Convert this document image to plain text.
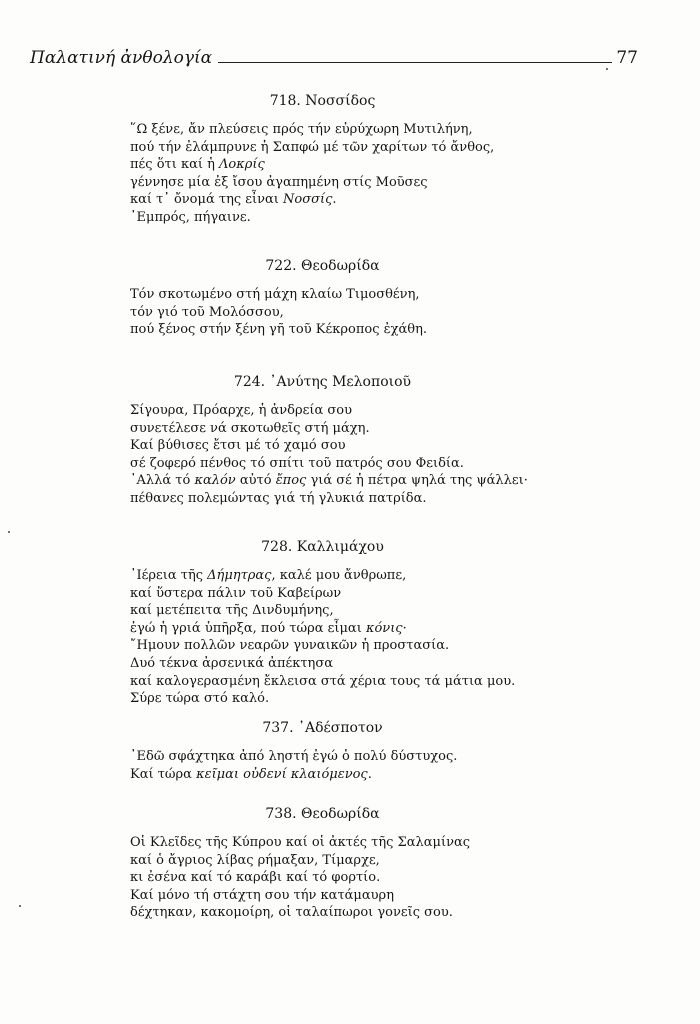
Παλατινή ἀνθολογία	77
718. Νοσσίδος
῞Ω ξένε, ἄν πλεύσεις πρός τήν εὐρύχωρη Μυτιλήνη,
πού τήν ἐλάμπρυνε ἡ Σαπφώ μέ τῶν χαρίτων τό ἄνθος,
πές ὅτι καί ἡ Λοκρίς
γέννησε μία ἐξ ἴσου ἀγαπημένη στίς Μοῦσες
καί τ᾿ ὄνομά της εἶναι Νοσσίς.
᾿Εμπρός, πήγαινε.
722. Θεοδωρίδα
Τόν σκοτωμένο στή μάχη κλαίω Τιμοσθένη,
τόν γιό τοῦ Μολόσσου,
πού ξένος στήν ξένη γῆ τοῦ Κέκροπος ἐχάθη.
724. ᾿Ανύτης Μελοποιοῦ
Σίγουρα, Πρόαρχε, ἡ ἀνδρεία σου
συνετέλεσε νά σκοτωθεῖς στή μάχη.
Καί βύθισες ἔτσι μέ τό χαμό σου
σέ ζοφερό πένθος τό σπίτι τοῦ πατρός σου Φειδία.
᾿Αλλά τό καλόν αὐτό ἔπος γιά σέ ἡ πέτρα ψηλά της ψάλλει·
πέθανες πολεμώντας γιά τή γλυκιά πατρίδα.
728. Καλλιμάχου
᾿Ιέρεια τῆς Δήμητρας, καλέ μου ἄνθρωπε,
καί ὕστερα πάλιν τοῦ Καβείρων
καί μετέπειτα τῆς Δινδυμήνης,
ἐγώ ἡ γριά ὑπῆρξα, πού τώρα εἶμαι κόνις·
῎Ημουν πολλῶν νεαρῶν γυναικῶν ἡ προστασία.
Δυό τέκνα ἀρσενικά ἀπέκτησα
καί καλογερασμένη ἔκλεισα στά χέρια τους τά μάτια μου.
Σύρε τώρα στό καλό.
737. ᾿Αδέσποτον
᾿Εδῶ σφάχτηκα ἀπό ληστή ἐγώ ὁ πολύ δύστυχος.
Καί τώρα κεῖμαι οὐδενί κλαιόμενος.
738. Θεοδωρίδα
Οἱ Κλεῖδες τῆς Κύπρου καί οἱ ἀκτές τῆς Σαλαμίνας
καί ὁ ἄγριος λίβας ρήμαξαν, Τίμαρχε,
κι ἐσένα καί τό καράβι καί τό φορτίο.
Καί μόνο τή στάχτη σου τήν κατάμαυρη
δέχτηκαν, κακομοίρη, οἱ ταλαίπωροι γονεῖς σου.
